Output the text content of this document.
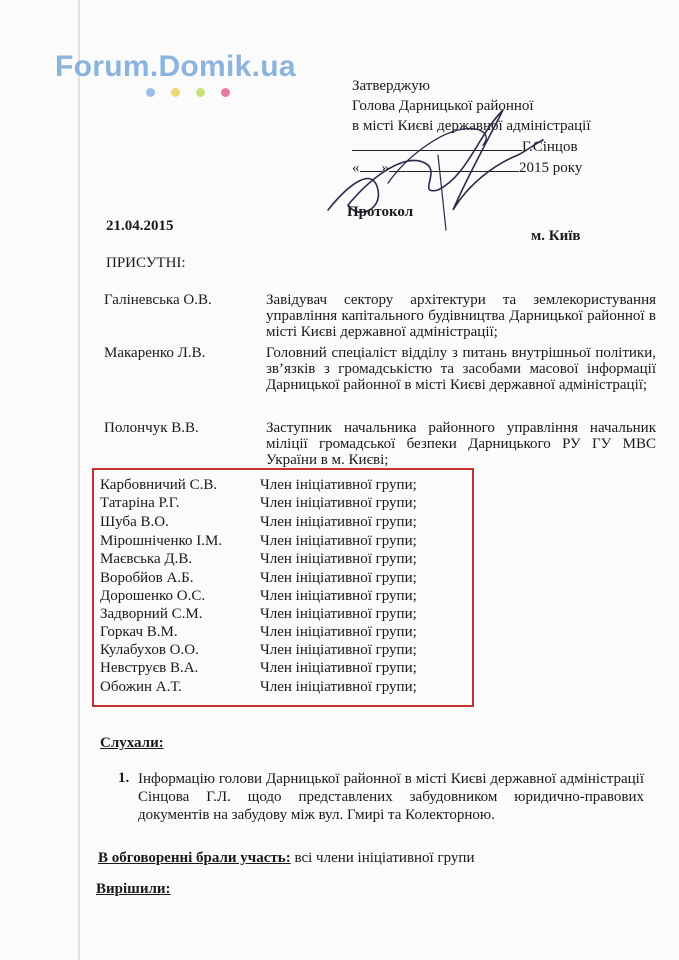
Forum.Domik.ua
Затверджую
Голова Дарницької районної
в місті Києві державної адміністрації
Г.Сінцов
« »	2015 року
21.04.2015
Протокол
м. Київ
ПРИСУТНІ:
Галіневська О.В.	Завідувач сектору архітектури та землекористування управління капітального будівництва Дарницької районної в місті Києві державної адміністрації;
Макаренко Л.В.	Головний спеціаліст відділу з питань внутрішньої політики, зв’язків з громадськістю та засобами масової інформації Дарницької районної в місті Києві державної адміністрації;
Полончук В.В.	Заступник начальника районного управління начальник міліції громадської безпеки Дарницького РУ ГУ МВС України в м. Києві;
Карбовничий С.В.	Член ініціативної групи;
Татаріна Р.Г.	Член ініціативної групи;
Шуба В.О.	Член ініціативної групи;
Мірошніченко І.М.	Член ініціативної групи;
Маєвська Д.В.	Член ініціативної групи;
Воробйов А.Б.	Член ініціативної групи;
Дорошенко О.С.	Член ініціативної групи;
Задворний С.М.	Член ініціативної групи;
Горкач В.М.	Член ініціативної групи;
Кулабухов О.О.	Член ініціативної групи;
Невструєв В.А.	Член ініціативної групи;
Обожин А.Т.	Член ініціативної групи;
Слухали:
1. Інформацію голови Дарницької районної в місті Києві державної адміністрації Сінцова Г.Л. щодо представлених забудовником юридично-правових документів на забудову між вул. Гмирі та Колекторною.
В обговоренні брали участь: всі члени ініціативної групи
Вирішили:
